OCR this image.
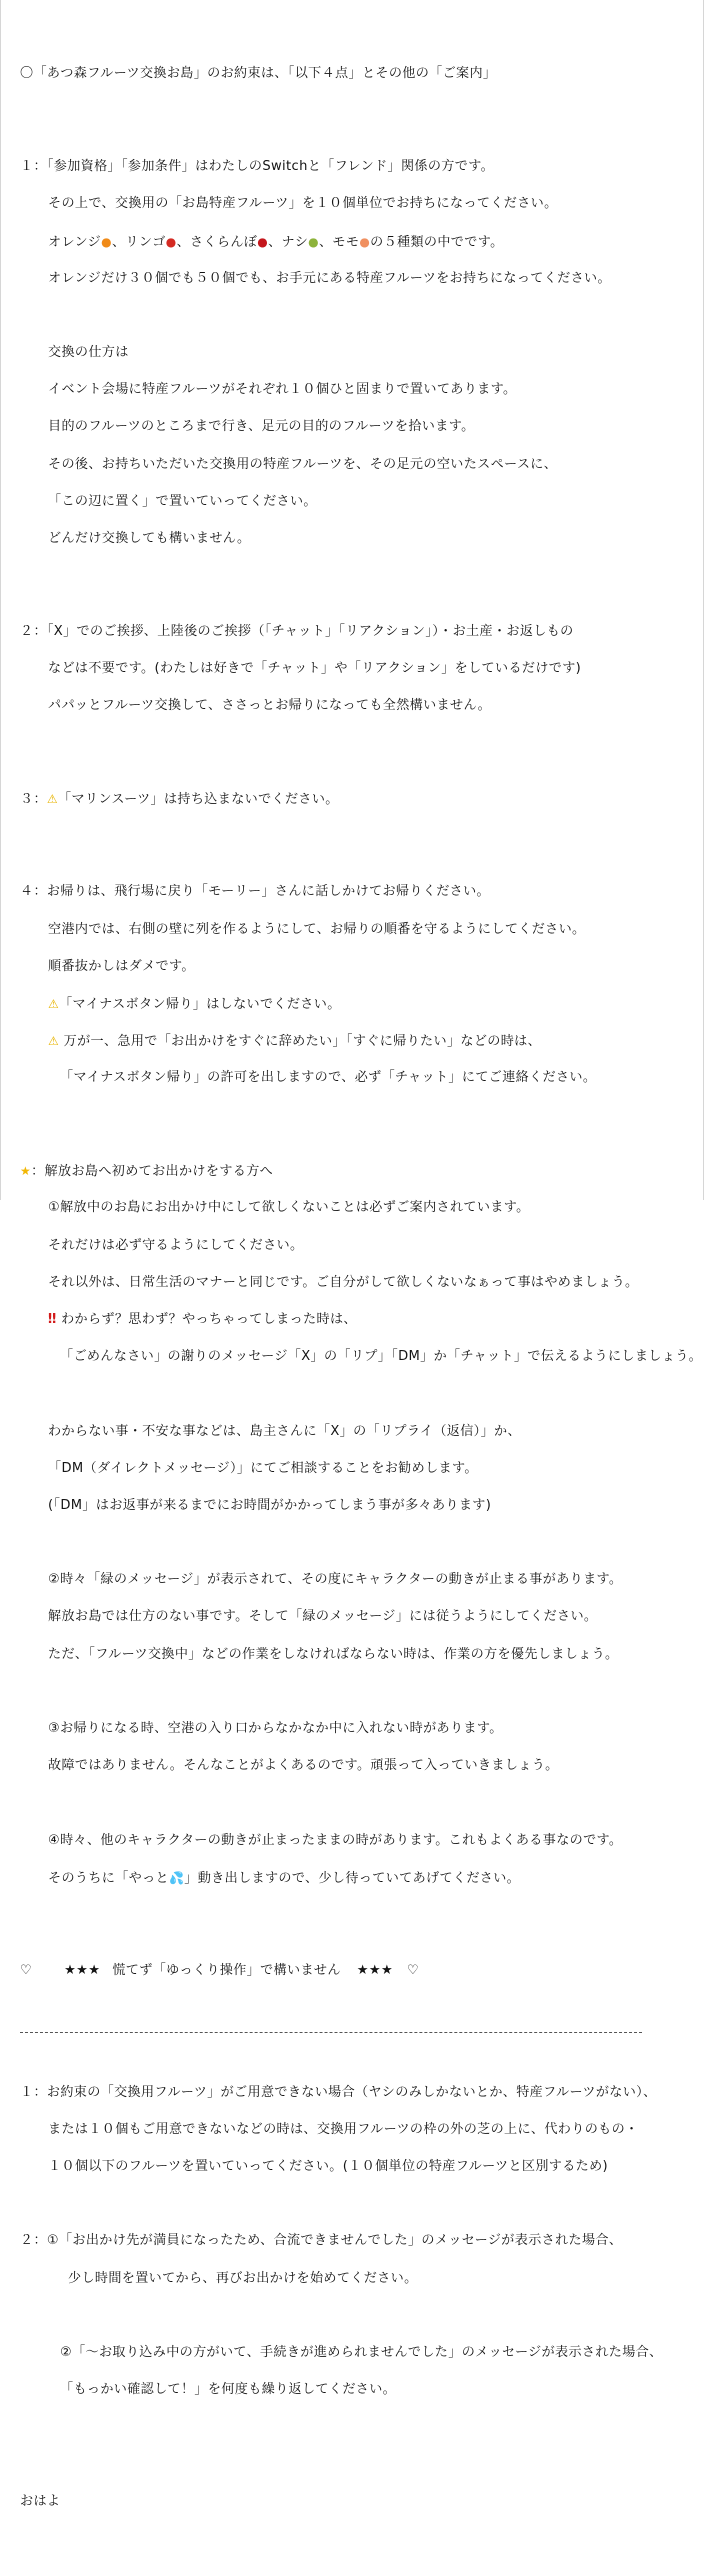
〇「あつ森フルーツ交換お島」のお約束は、「以下４点」とその他の「ご案内」

１：「参加資格」「参加条件」はわたしのSwitchと「フレンド」関係の方です。

その上で、交換用の「お島特産フルーツ」を１０個単位でお持ちになってください。

オレンジ●、リンゴ●、さくらんぼ●、ナシ●、モモ●の５種類の中でです。

オレンジだけ３０個でも５０個でも、お手元にある特産フルーツをお持ちになってください。

交換の仕方は

イベント会場に特産フルーツがそれぞれ１０個ひと固まりで置いてあります。

目的のフルーツのところまで行き、足元の目的のフルーツを拾います。

その後、お持ちいただいた交換用の特産フルーツを、その足元の空いたスペースに、

「この辺に置く」で置いていってください。

どんだけ交換しても構いません。

２：「X」でのご挨拶、上陸後のご挨拶（「チャット」「リアクション」）・お土産・お返しもの

などは不要です。(わたしは好きで「チャット」や「リアクション」をしているだけです)

パパッとフルーツ交換して、ささっとお帰りになっても全然構いません。

３：⚠「マリンスーツ」は持ち込まないでください。

４：お帰りは、飛行場に戻り「モーリー」さんに話しかけてお帰りください。

空港内では、右側の壁に列を作るようにして、お帰りの順番を守るようにしてください。

順番抜かしはダメです。

⚠「マイナスボタン帰り」はしないでください。

⚠ 万が一、急用で「お出かけをすぐに辞めたい」「すぐに帰りたい」などの時は、

「マイナスボタン帰り」の許可を出しますので、必ず「チャット」にてご連絡ください。

★：解放お島へ初めてお出かけをする方へ

①解放中のお島にお出かけ中にして欲しくないことは必ずご案内されています。

それだけは必ず守るようにしてください。

それ以外は、日常生活のマナーと同じです。ご自分がして欲しくないなぁって事はやめましょう。

‼ わからず？思わず？やっちゃってしまった時は、

「ごめんなさい」の謝りのメッセージ「X」の「リプ」「DM」か「チャット」で伝えるようにしましょう。

わからない事・不安な事などは、島主さんに「X」の「リプライ（返信）」か、

「DM（ダイレクトメッセージ）」にてご相談することをお勧めします。

(「DM」はお返事が来るまでにお時間がかかってしまう事が多々あります)

②時々「緑のメッセージ」が表示されて、その度にキャラクターの動きが止まる事があります。

解放お島では仕方のない事です。そして「緑のメッセージ」には従うようにしてください。

ただ、「フルーツ交換中」などの作業をしなければならない時は、作業の方を優先しましょう。

③お帰りになる時、空港の入り口からなかなか中に入れない時があります。

故障ではありません。そんなことがよくあるのです。頑張って入っていきましょう。

④時々、他のキャラクターの動きが止まったままの時があります。これもよくある事なのです。

そのうちに「やっと💦」動き出しますので、少し待っていてあげてください。

♡ ★★★ 慌てず「ゆっくり操作」で構いません ★★★ ♡

１：お約束の「交換用フルーツ」がご用意できない場合（ヤシのみしかないとか、特産フルーツがない）、

または１０個もご用意できないなどの時は、交換用フルーツの枠の外の芝の上に、代わりのもの・

１０個以下のフルーツを置いていってください。(１０個単位の特産フルーツと区別するため)

２：①「お出かけ先が満員になったため、合流できませんでした」のメッセージが表示された場合、

少し時間を置いてから、再びお出かけを始めてください。

②「〜お取り込み中の方がいて、手続きが進められませんでした」のメッセージが表示された場合、

「もっかい確認して！」を何度も繰り返してください。

おはよ
